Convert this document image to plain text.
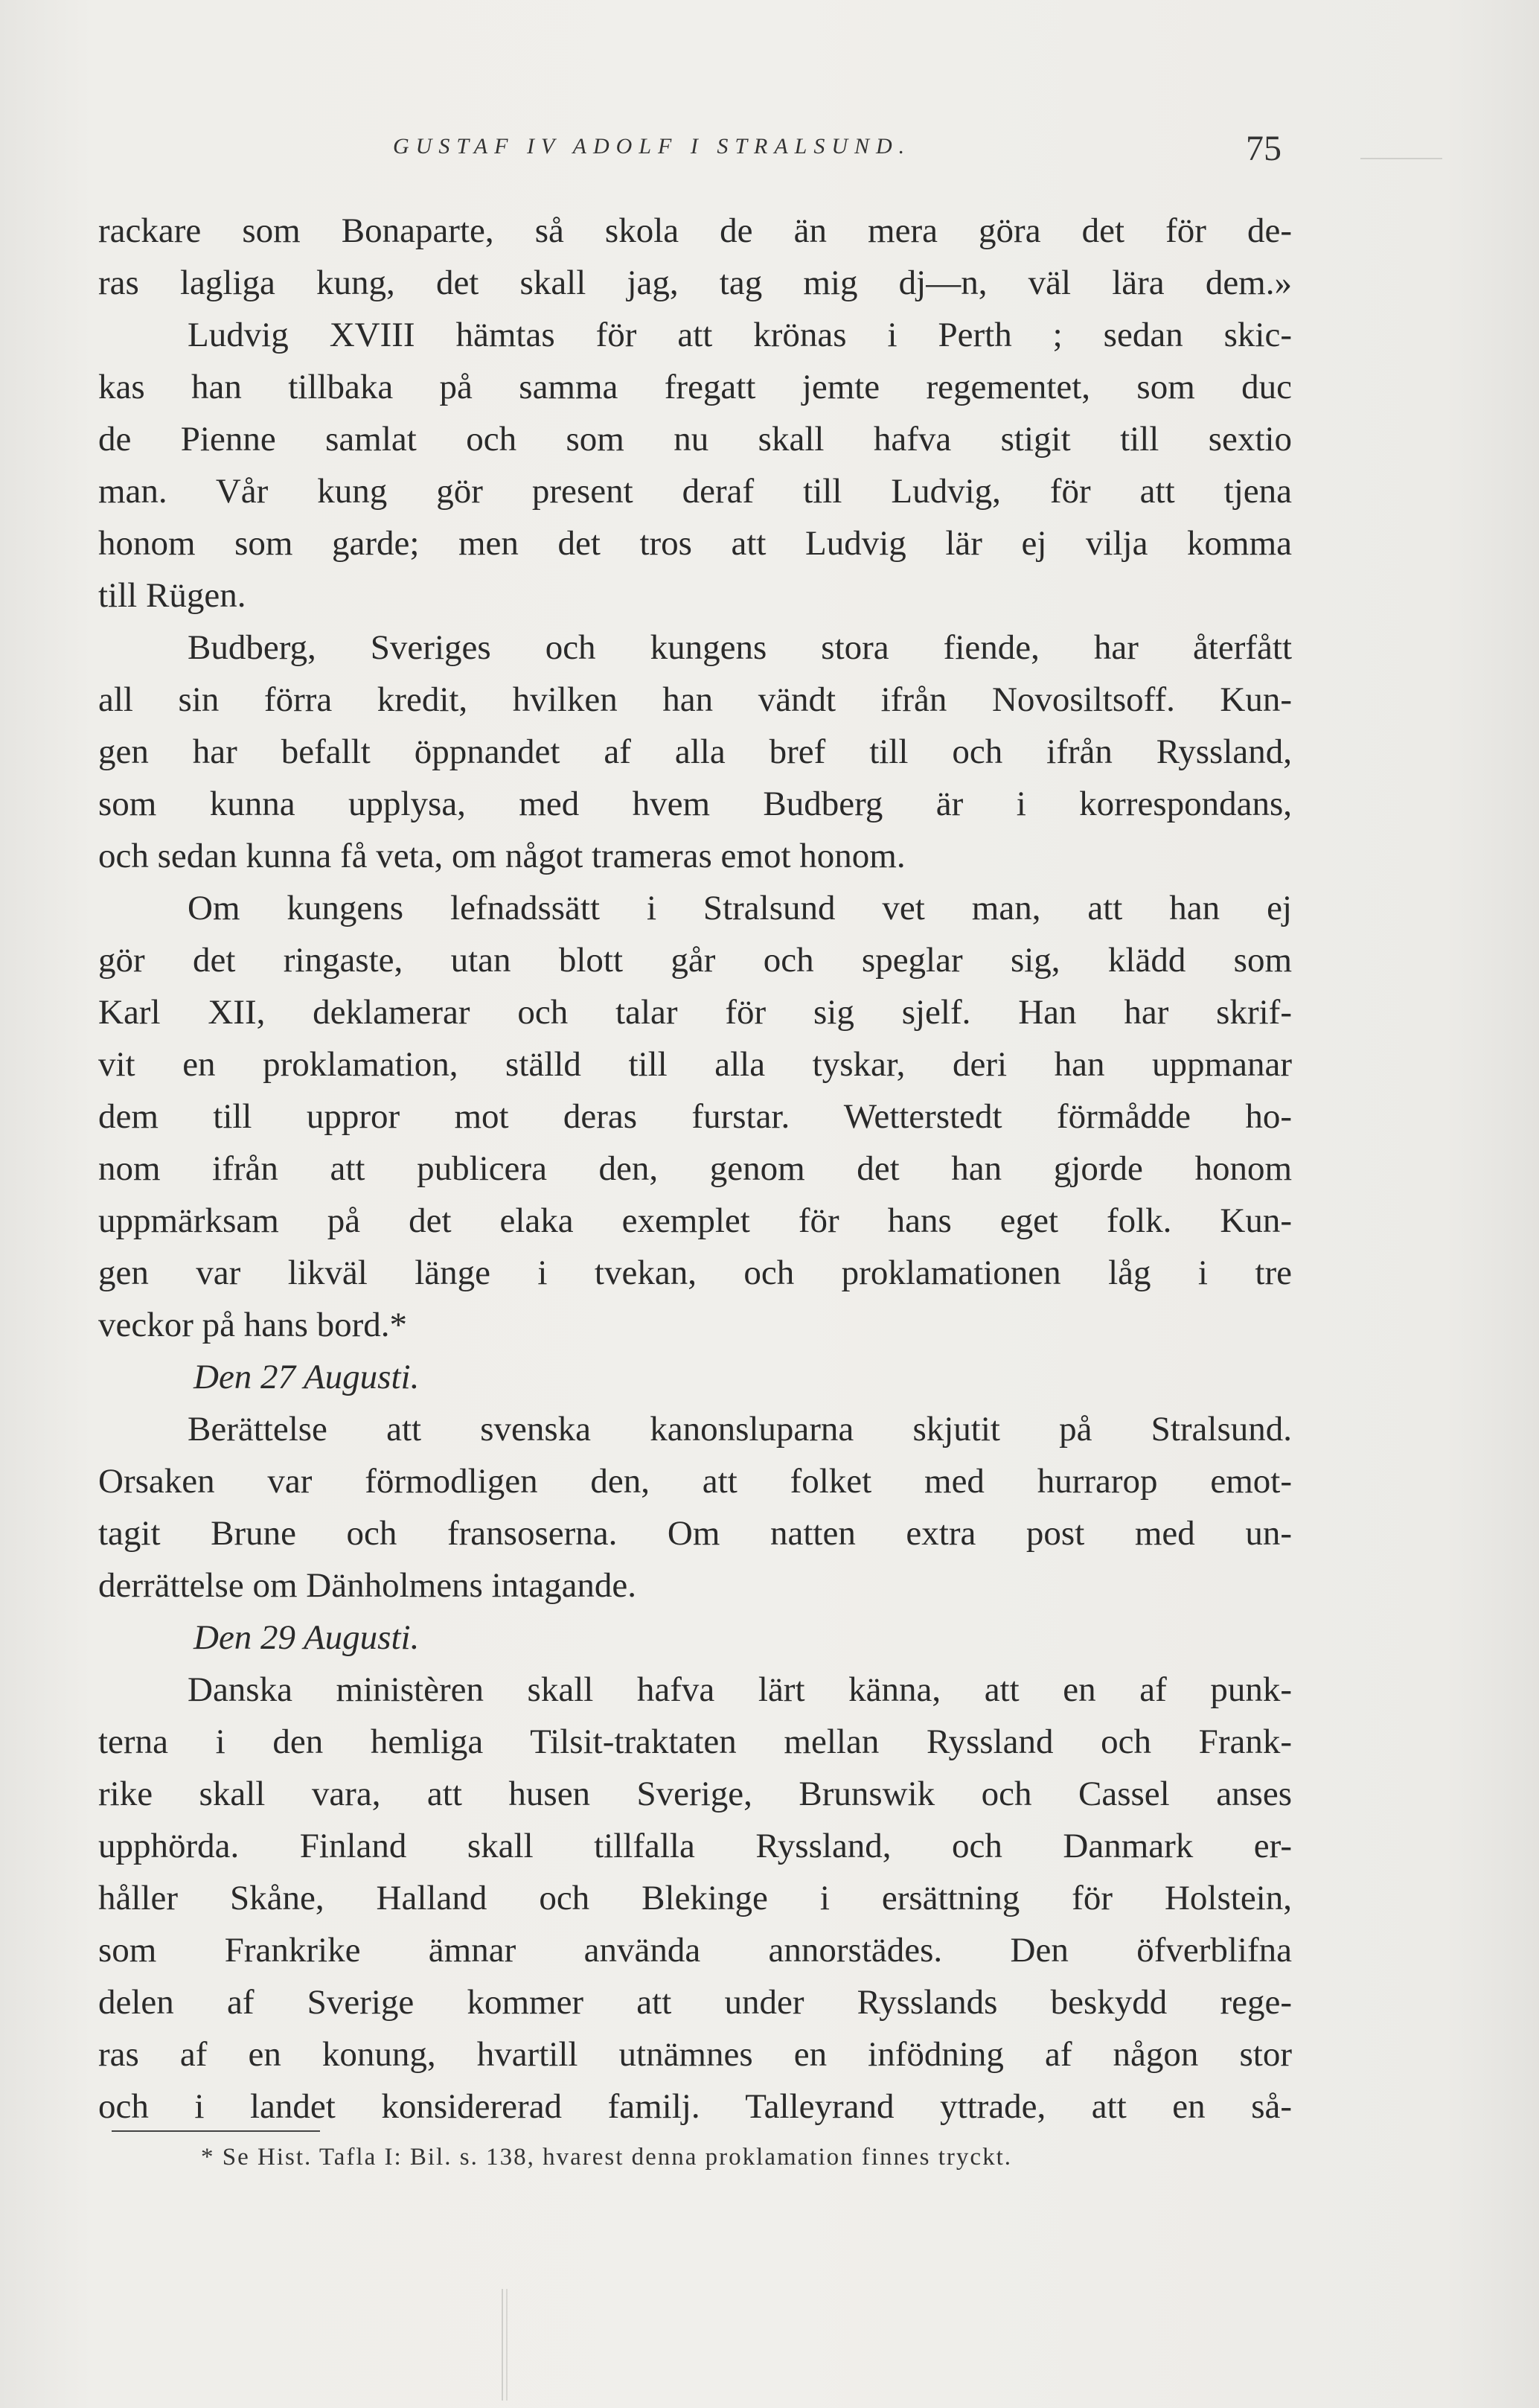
GUSTAF IV ADOLF I STRALSUND.	75
rackare som Bonaparte, så skola de än mera göra det för de-
ras lagliga kung, det skall jag, tag mig dj—n, väl lära dem.»
Ludvig XVIII hämtas för att krönas i Perth ; sedan skic-
kas han tillbaka på samma fregatt jemte regementet, som duc
de Pienne samlat och som nu skall hafva stigit till sextio
man. Vår kung gör present deraf till Ludvig, för att tjena
honom som garde; men det tros att Ludvig lär ej vilja komma
till Rügen.
Budberg, Sveriges och kungens stora fiende, har återfått
all sin förra kredit, hvilken han vändt ifrån Novosiltsoff. Kun-
gen har befallt öppnandet af alla bref till och ifrån Ryssland,
som kunna upplysa, med hvem Budberg är i korrespondans,
och sedan kunna få veta, om något trameras emot honom.
Om kungens lefnadssätt i Stralsund vet man, att han ej
gör det ringaste, utan blott går och speglar sig, klädd som
Karl XII, deklamerar och talar för sig sjelf. Han har skrif-
vit en proklamation, ställd till alla tyskar, deri han uppmanar
dem till uppror mot deras furstar. Wetterstedt förmådde ho-
nom ifrån att publicera den, genom det han gjorde honom
uppmärksam på det elaka exemplet för hans eget folk. Kun-
gen var likväl länge i tvekan, och proklamationen låg i tre
veckor på hans bord.*
Den 27 Augusti.
Berättelse att svenska kanonsluparna skjutit på Stralsund.
Orsaken var förmodligen den, att folket med hurrarop emot-
tagit Brune och fransoserna. Om natten extra post med un-
derrättelse om Dänholmens intagande.
Den 29 Augusti.
Danska ministèren skall hafva lärt känna, att en af punk-
terna i den hemliga Tilsit-traktaten mellan Ryssland och Frank-
rike skall vara, att husen Sverige, Brunswik och Cassel anses
upphörda. Finland skall tillfalla Ryssland, och Danmark er-
håller Skåne, Halland och Blekinge i ersättning för Holstein,
som Frankrike ämnar använda annorstädes. Den öfverblifna
delen af Sverige kommer att under Rysslands beskydd rege-
ras af en konung, hvartill utnämnes en infödning af någon stor
och i landet konsidererad familj. Talleyrand yttrade, att en så-
* Se Hist. Tafla I: Bil. s. 138, hvarest denna proklamation finnes tryckt.
